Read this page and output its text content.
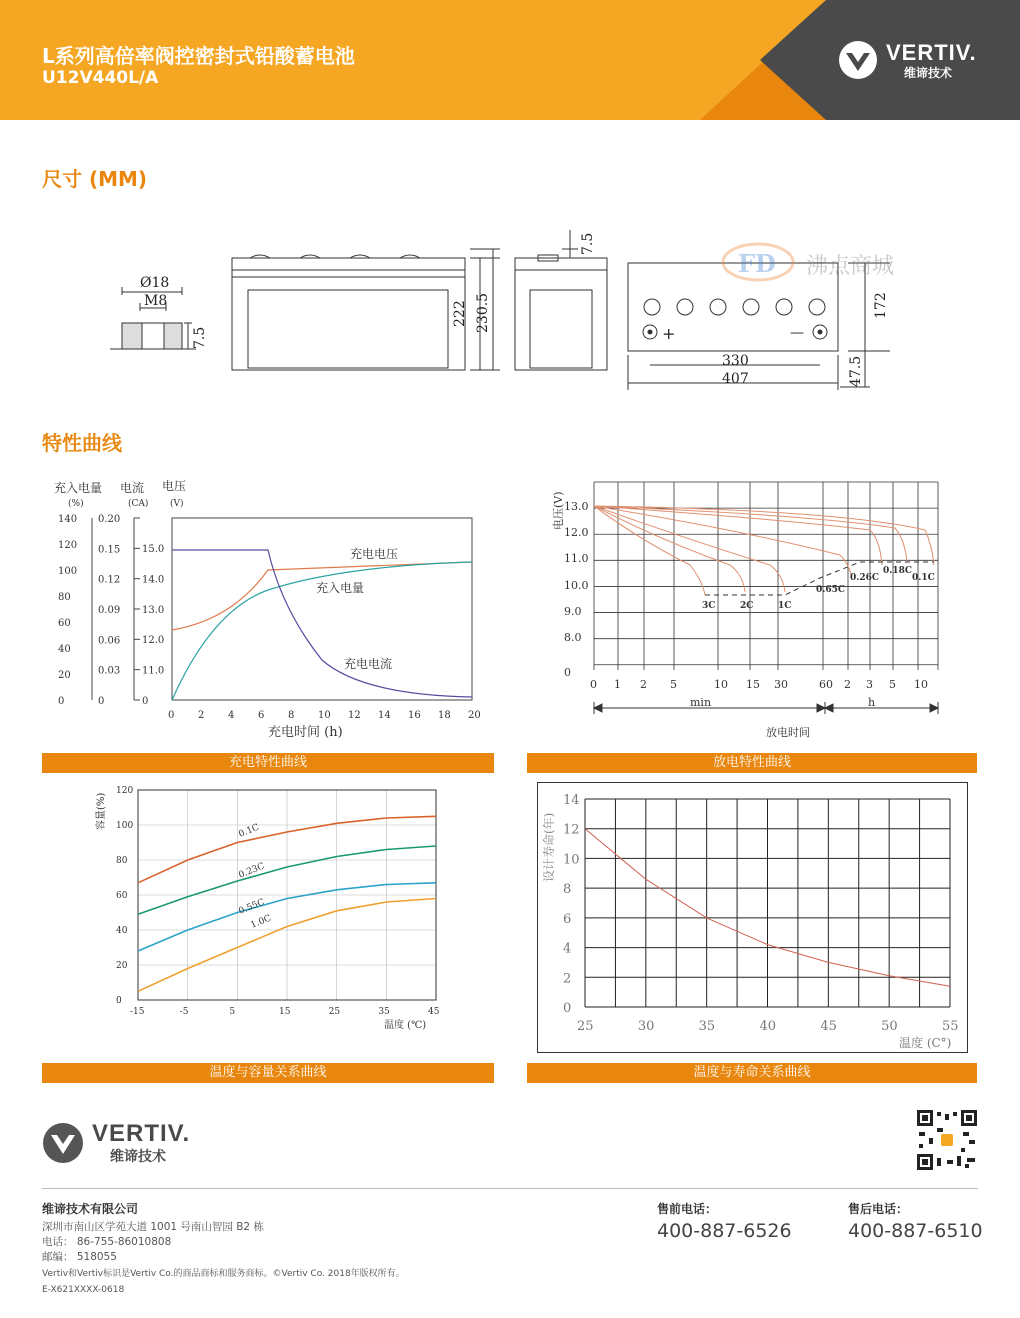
L系列高倍率阀控密封式铅酸蓄电池
U12V440L/A
VERTIV.
维谛技术
尺寸 (MM)
FD 沸点商城
Ø18
M8
7.5
222 230.5
7.5
172
330
407	47.5
+	—
特性曲线
充入电量
(%)
电流
(CA)
电压
(V)
140
120
100
80
60
40
20
0
0.20
0.15
0.12
0.09
0.06
0.03
0
15.0
14.0
13.0
12.0
11.0
0
0 2 4 6 8 10 12 14 16 18 20
充电电压
充入电量
充电电流
充电时间 (h)
充电特性曲线
电压(V) 13.0
12.0
11.0
10.0
9.0
8.0
0
0 1 2 5	10 15 30	60 2 3 5 10
3C	2C	1C
0.65C
0.26C
0.18C
0.1C
min	h
放电时间
放电特性曲线
容量(%)
120
100
80
60
40
20
0
-15	-5	5	15	25	35	45
0.1C
0.23C
0.55C
1.0C
温度 (℃)
温度与容量关系曲线
设计寿命(年)
14
12
10
8
6
4
2
0
25	30	35	40	45	50	55
温度 (C°)
温度与寿命关系曲线
VERTIV.
维谛技术
维谛技术有限公司
深圳市南山区学苑大道 1001 号南山智园 B2 栋
电话： 86-755-86010808
邮编： 518055
Vertiv和Vertiv标识是Vertiv Co.的商品商标和服务商标。©Vertiv Co. 2018年版权所有。
E-X621XXXX-0618
售前电话：
400-887-6526
售后电话：
400-887-6510
